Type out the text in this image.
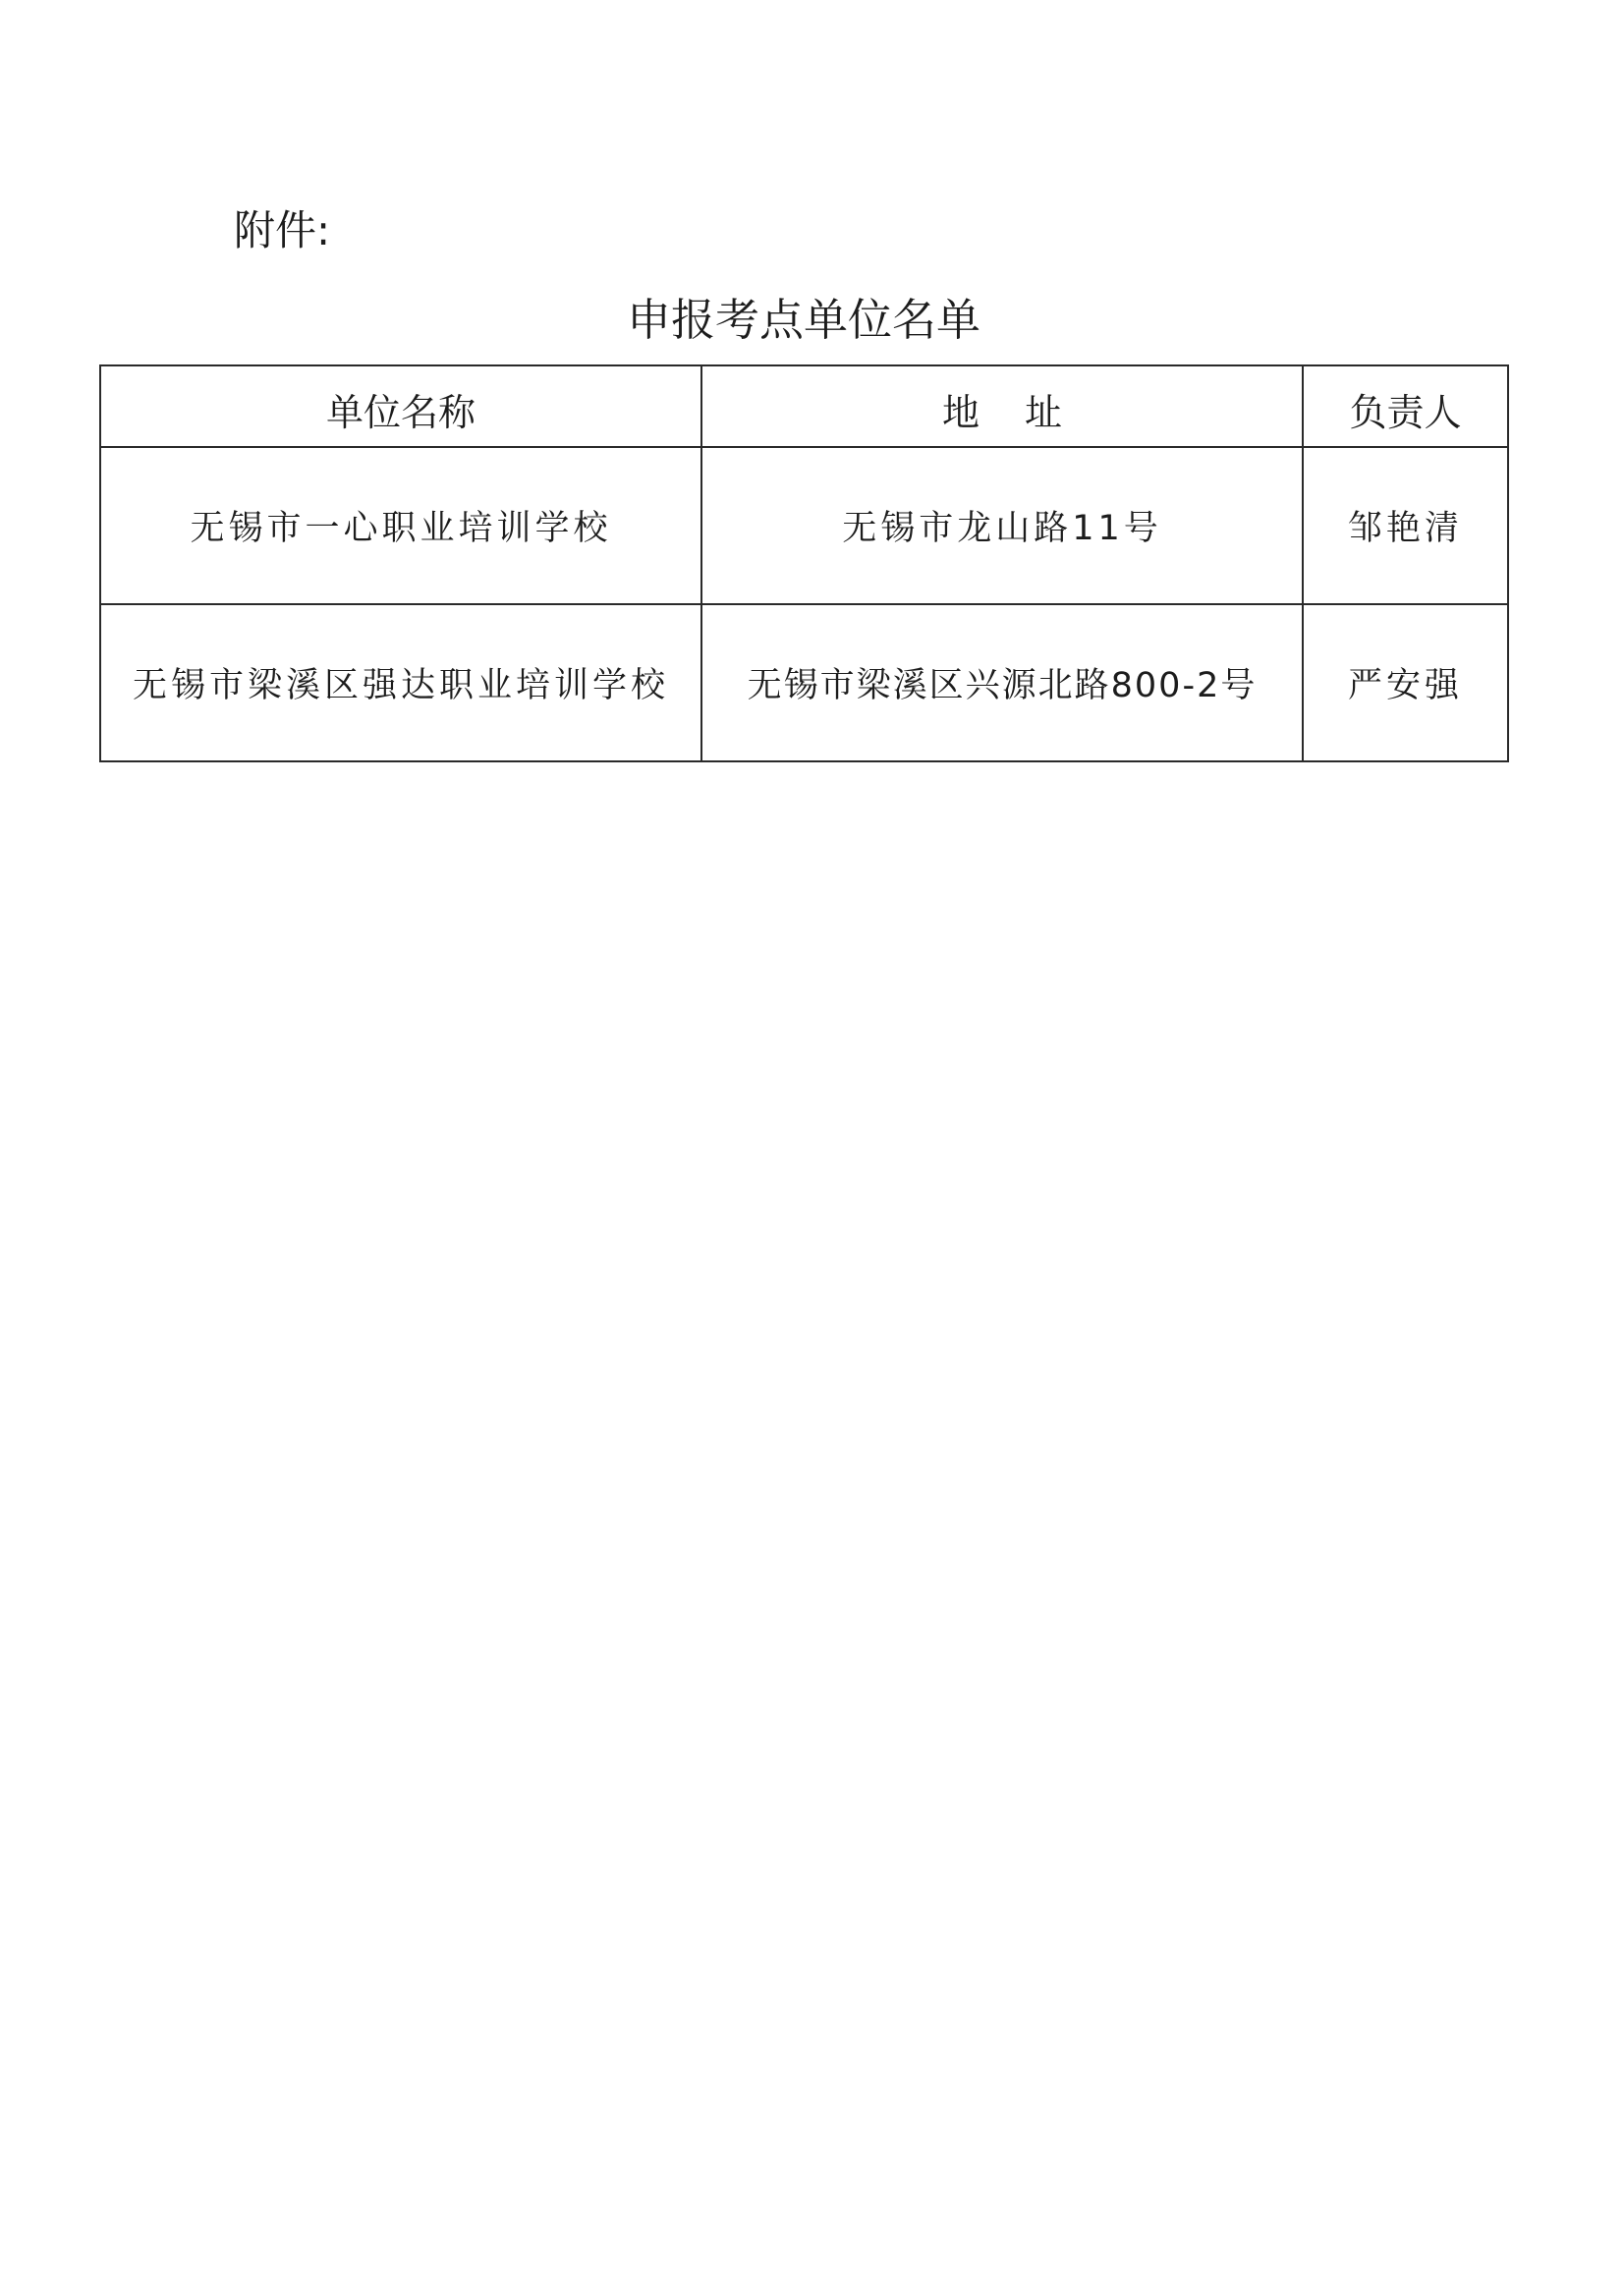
附件:
申报考点单位名单
单位名称	地 址	负责人
无锡市一心职业培训学校	无锡市龙山路11号	邹艳清
无锡市梁溪区强达职业培训学校	无锡市梁溪区兴源北路800-2号	严安强
